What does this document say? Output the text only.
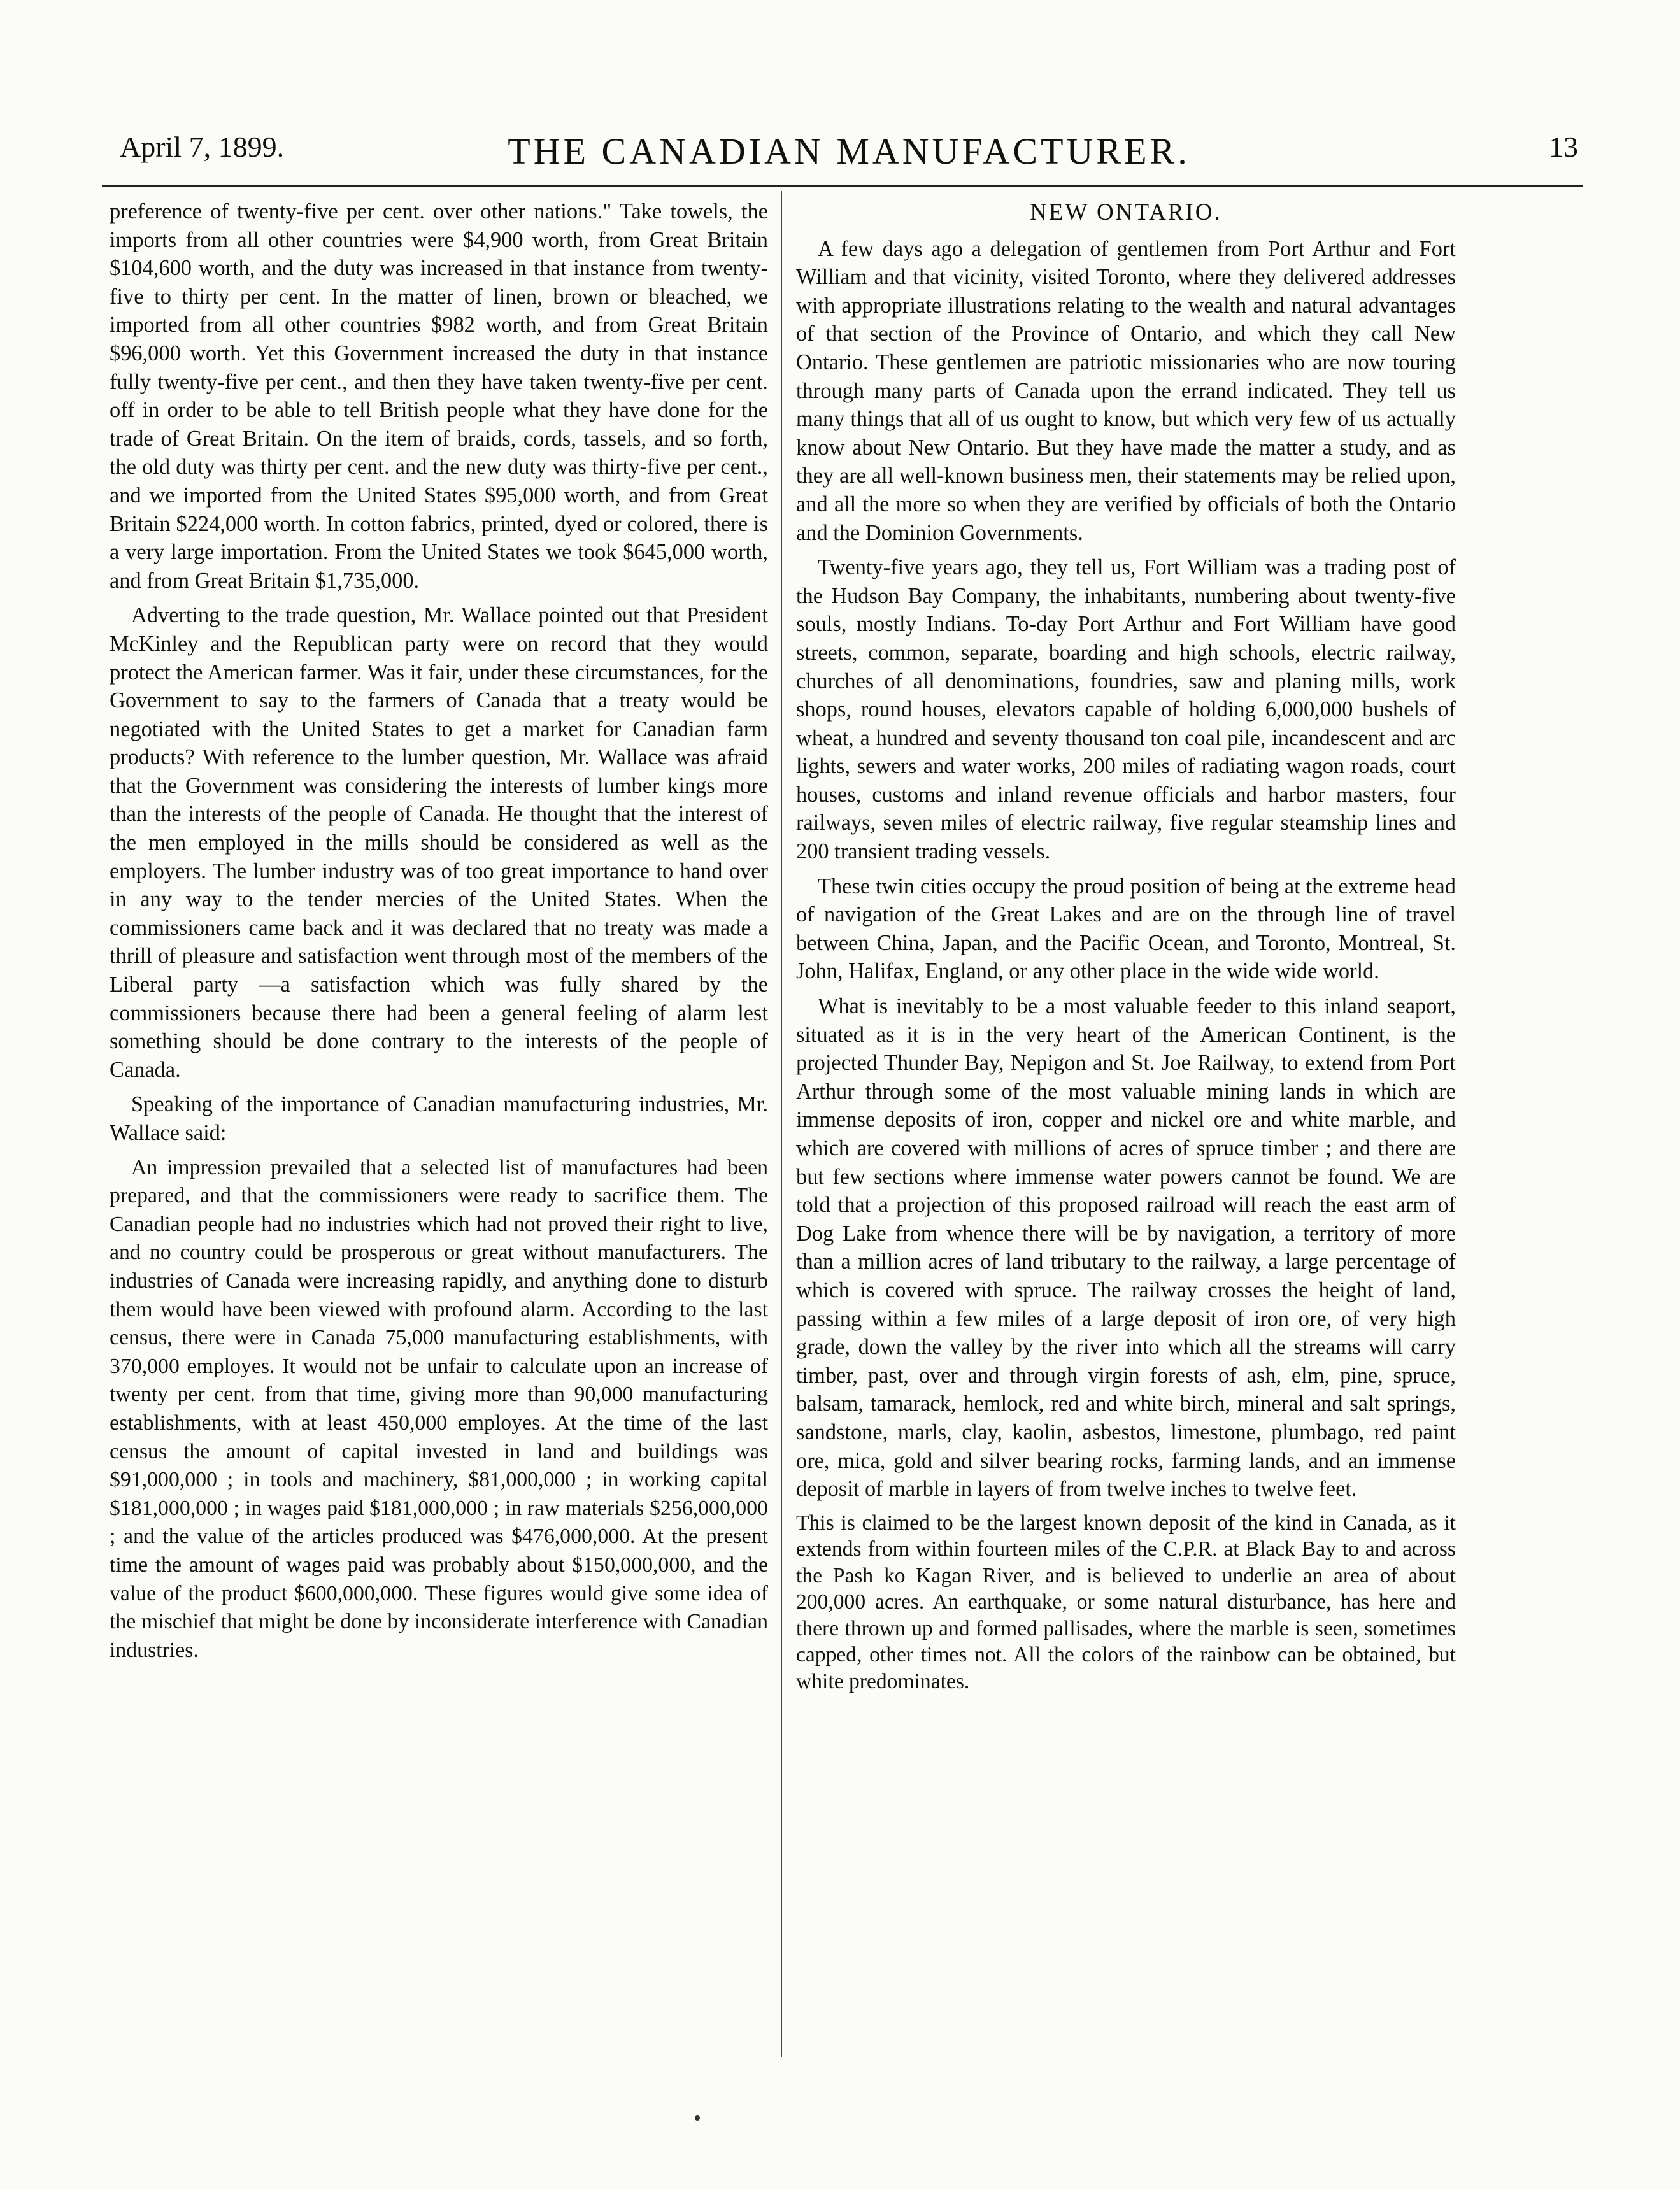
April 7, 1899.	THE CANADIAN MANUFACTURER.	13

preference of twenty-five per cent. over other nations." Take towels, the imports from all other countries were $4,900 worth, from Great Britain $104,600 worth, and the duty was increased in that instance from twenty-five to thirty per cent. In the matter of linen, brown or bleached, we imported from all other countries $982 worth, and from Great Britain $96,000 worth. Yet this Government increased the duty in that instance fully twenty-five per cent., and then they have taken twenty-five per cent. off in order to be able to tell British people what they have done for the trade of Great Britain. On the item of braids, cords, tassels, and so forth, the old duty was thirty per cent. and the new duty was thirty-five per cent., and we imported from the United States $95,000 worth, and from Great Britain $224,000 worth. In cotton fabrics, printed, dyed or colored, there is a very large importation. From the United States we took $645,000 worth, and from Great Britain $1,735,000.

Adverting to the trade question, Mr. Wallace pointed out that President McKinley and the Republican party were on record that they would protect the American farmer. Was it fair, under these circumstances, for the Government to say to the farmers of Canada that a treaty would be negotiated with the United States to get a market for Canadian farm products? With reference to the lumber question, Mr. Wallace was afraid that the Government was considering the interests of lumber kings more than the interests of the people of Canada. He thought that the interest of the men employed in the mills should be considered as well as the employers. The lumber industry was of too great importance to hand over in any way to the tender mercies of the United States. When the commissioners came back and it was declared that no treaty was made a thrill of pleasure and satisfaction went through most of the members of the Liberal party —a satisfaction which was fully shared by the commissioners because there had been a general feeling of alarm lest something should be done contrary to the interests of the people of Canada.

Speaking of the importance of Canadian manufacturing industries, Mr. Wallace said:

An impression prevailed that a selected list of manufactures had been prepared, and that the commissioners were ready to sacrifice them. The Canadian people had no industries which had not proved their right to live, and no country could be prosperous or great without manufacturers. The industries of Canada were increasing rapidly, and anything done to disturb them would have been viewed with profound alarm. According to the last census, there were in Canada 75,000 manufacturing establishments, with 370,000 employes. It would not be unfair to calculate upon an increase of twenty per cent. from that time, giving more than 90,000 manufacturing establishments, with at least 450,000 employes. At the time of the last census the amount of capital invested in land and buildings was $91,000,000 ; in tools and machinery, $81,000,000 ; in working capital $181,000,000 ; in wages paid $181,000,000 ; in raw materials $256,000,000 ; and the value of the articles produced was $476,000,000. At the present time the amount of wages paid was probably about $150,000,000, and the value of the product $600,000,000. These figures would give some idea of the mischief that might be done by inconsiderate interference with Canadian industries.

NEW ONTARIO.

A few days ago a delegation of gentlemen from Port Arthur and Fort William and that vicinity, visited Toronto, where they delivered addresses with appropriate illustrations relating to the wealth and natural advantages of that section of the Province of Ontario, and which they call New Ontario. These gentlemen are patriotic missionaries who are now touring through many parts of Canada upon the errand indicated. They tell us many things that all of us ought to know, but which very few of us actually know about New Ontario. But they have made the matter a study, and as they are all well-known business men, their statements may be relied upon, and all the more so when they are verified by officials of both the Ontario and the Dominion Governments.

Twenty-five years ago, they tell us, Fort William was a trading post of the Hudson Bay Company, the inhabitants, numbering about twenty-five souls, mostly Indians. To-day Port Arthur and Fort William have good streets, common, separate, boarding and high schools, electric railway, churches of all denominations, foundries, saw and planing mills, work shops, round houses, elevators capable of holding 6,000,000 bushels of wheat, a hundred and seventy thousand ton coal pile, incandescent and arc lights, sewers and water works, 200 miles of radiating wagon roads, court houses, customs and inland revenue officials and harbor masters, four railways, seven miles of electric railway, five regular steamship lines and 200 transient trading vessels.

These twin cities occupy the proud position of being at the extreme head of navigation of the Great Lakes and are on the through line of travel between China, Japan, and the Pacific Ocean, and Toronto, Montreal, St. John, Halifax, England, or any other place in the wide wide world.

What is inevitably to be a most valuable feeder to this inland seaport, situated as it is in the very heart of the American Continent, is the projected Thunder Bay, Nepigon and St. Joe Railway, to extend from Port Arthur through some of the most valuable mining lands in which are immense deposits of iron, copper and nickel ore and white marble, and which are covered with millions of acres of spruce timber ; and there are but few sections where immense water powers cannot be found. We are told that a projection of this proposed railroad will reach the east arm of Dog Lake from whence there will be by navigation, a territory of more than a million acres of land tributary to the railway, a large percentage of which is covered with spruce. The railway crosses the height of land, passing within a few miles of a large deposit of iron ore, of very high grade, down the valley by the river into which all the streams will carry timber, past, over and through virgin forests of ash, elm, pine, spruce, balsam, tamarack, hemlock, red and white birch, mineral and salt springs, sandstone, marls, clay, kaolin, asbestos, limestone, plumbago, red paint ore, mica, gold and silver bearing rocks, farming lands, and an immense deposit of marble in layers of from twelve inches to twelve feet.

This is claimed to be the largest known deposit of the kind in Canada, as it extends from within fourteen miles of the C.P.R. at Black Bay to and across the Pash ko Kagan River, and is believed to underlie an area of about 200,000 acres. An earthquake, or some natural disturbance, has here and there thrown up and formed pallisades, where the marble is seen, sometimes capped, other times not. All the colors of the rainbow can be obtained, but white predominates.
